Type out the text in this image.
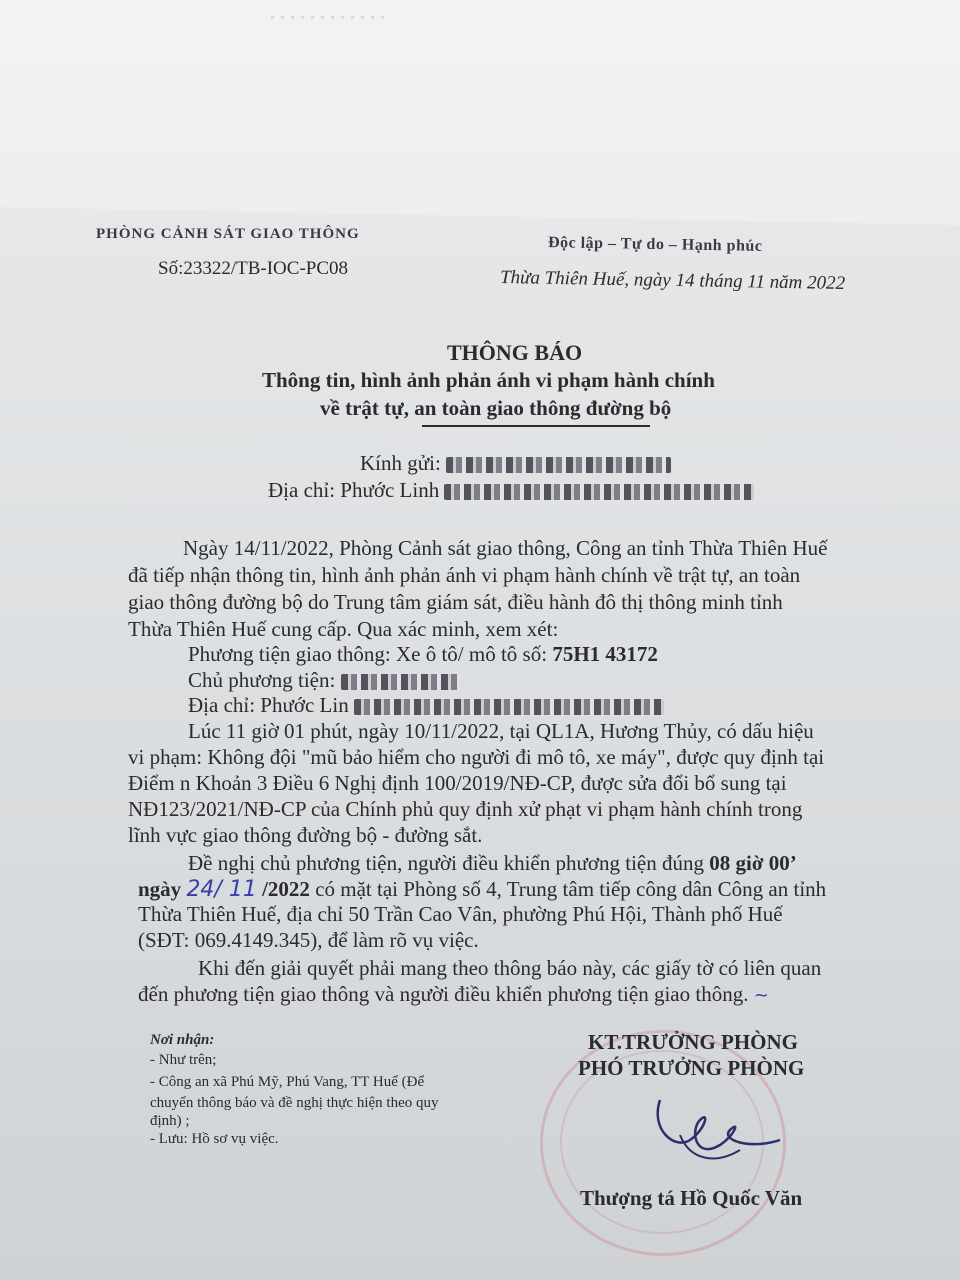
. . . . . . . . . . . .
PHÒNG CẢNH SÁT GIAO THÔNG
Độc lập – Tự do – Hạnh phúc
Số:23322/TB-IOC-PC08	Thừa Thiên Huế, ngày 14 tháng 11 năm 2022
THÔNG BÁO
Thông tin, hình ảnh phản ánh vi phạm hành chính
về trật tự, an toàn giao thông đường bộ
Kính gửi:
Địa chỉ: Phước Linh
Ngày 14/11/2022, Phòng Cảnh sát giao thông, Công an tỉnh Thừa Thiên Huế
đã tiếp nhận thông tin, hình ảnh phản ánh vi phạm hành chính về trật tự, an toàn
giao thông đường bộ do Trung tâm giám sát, điều hành đô thị thông minh tỉnh
Thừa Thiên Huế cung cấp. Qua xác minh, xem xét:
Phương tiện giao thông: Xe ô tô/ mô tô số: 75H1 43172
Chủ phương tiện:
Địa chỉ: Phước Lin
Lúc 11 giờ 01 phút, ngày 10/11/2022, tại QL1A, Hương Thủy, có dấu hiệu
vi phạm: Không đội "mũ bảo hiểm cho người đi mô tô, xe máy", được quy định tại
Điểm n Khoản 3 Điều 6 Nghị định 100/2019/NĐ-CP, được sửa đổi bổ sung tại
NĐ123/2021/NĐ-CP của Chính phủ quy định xử phạt vi phạm hành chính trong
lĩnh vực giao thông đường bộ - đường sắt.
Đề nghị chủ phương tiện, người điều khiển phương tiện đúng 08 giờ 00’
ngày 24/ 11 /2022 có mặt tại Phòng số 4, Trung tâm tiếp công dân Công an tỉnh
Thừa Thiên Huế, địa chỉ 50 Trần Cao Vân, phường Phú Hội, Thành phố Huế
(SĐT: 069.4149.345), để làm rõ vụ việc.
Khi đến giải quyết phải mang theo thông báo này, các giấy tờ có liên quan
đến phương tiện giao thông và người điều khiển phương tiện giao thông. ~
Nơi nhận:
- Như trên;
- Công an xã Phú Mỹ, Phú Vang, TT Huế (Để
chuyển thông báo và đề nghị thực hiện theo quy
định) ;
- Lưu: Hồ sơ vụ việc.
KT.TRƯỞNG PHÒNG
PHÓ TRƯỞNG PHÒNG
Thượng tá Hồ Quốc Văn
